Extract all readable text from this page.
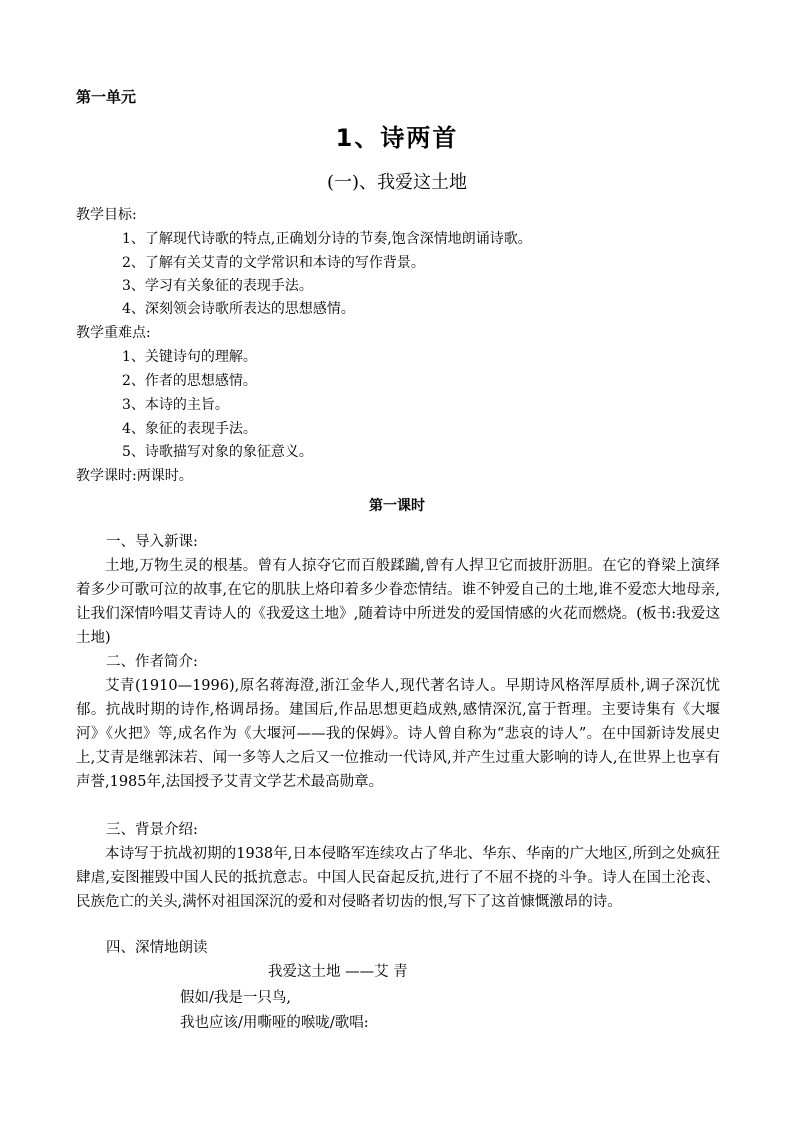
第一单元
1、诗两首
(一)、我爱这土地
教学目标:
1、了解现代诗歌的特点,正确划分诗的节奏,饱含深情地朗诵诗歌。
2、了解有关艾青的文学常识和本诗的写作背景。
3、学习有关象征的表现手法。
4、深刻领会诗歌所表达的思想感情。
教学重难点:
1、关键诗句的理解。
2、作者的思想感情。
3、本诗的主旨。
4、象征的表现手法。
5、诗歌描写对象的象征意义。
教学课时:两课时。
第一课时
一、导入新课:
土地,万物生灵的根基。曾有人掠夺它而百般蹂躏,曾有人捍卫它而披肝沥胆。在它的脊梁上演绎着多少可歌可泣的故事,在它的肌肤上烙印着多少眷恋情结。谁不钟爱自己的土地,谁不爱恋大地母亲,让我们深情吟唱艾青诗人的《我爱这土地》,随着诗中所迸发的爱国情感的火花而燃烧。(板书:我爱这土地)
二、作者简介:
艾青(1910—1996),原名蒋海澄,浙江金华人,现代著名诗人。早期诗风格浑厚质朴,调子深沉忧郁。抗战时期的诗作,格调昂扬。建国后,作品思想更趋成熟,感情深沉,富于哲理。主要诗集有《大堰河》《火把》等,成名作为《大堰河——我的保姆》。诗人曾自称为“悲哀的诗人”。在中国新诗发展史上,艾青是继郭沫若、闻一多等人之后又一位推动一代诗风,并产生过重大影响的诗人,在世界上也享有声誉,1985年,法国授予艾青文学艺术最高勋章。
三、背景介绍:
本诗写于抗战初期的1938年,日本侵略军连续攻占了华北、华东、华南的广大地区,所到之处疯狂肆虐,妄图摧毁中国人民的抵抗意志。中国人民奋起反抗,进行了不屈不挠的斗争。诗人在国土沦丧、民族危亡的关头,满怀对祖国深沉的爱和对侵略者切齿的恨,写下了这首慷慨激昂的诗。
四、深情地朗读
我爱这土地 ——艾 青
假如/我是一只鸟,
我也应该/用嘶哑的喉咙/歌唱:
